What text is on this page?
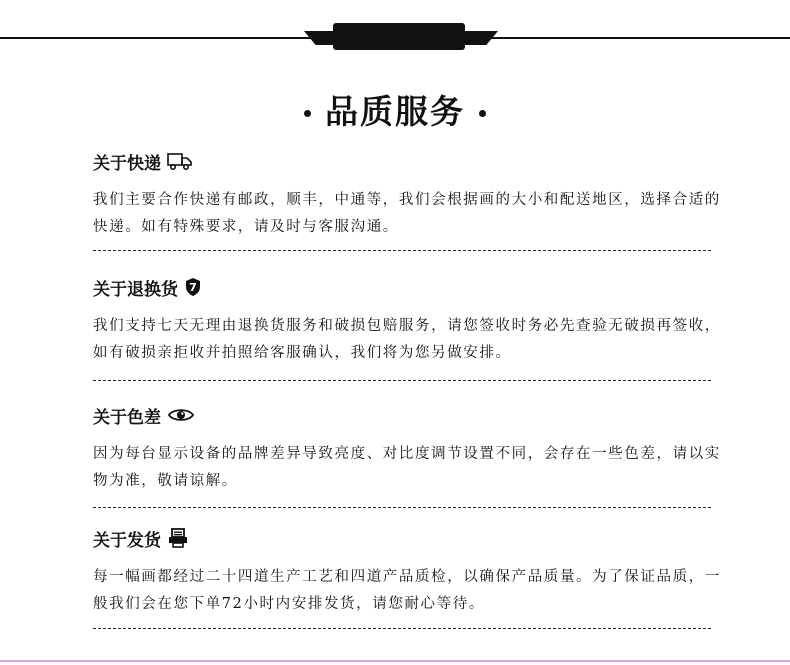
品质服务
关于快递
我们主要合作快递有邮政，顺丰，中通等，我们会根据画的大小和配送地区，选择合适的快递。如有特殊要求，请及时与客服沟通。
关于退换货 7
我们支持七天无理由退换货服务和破损包赔服务，请您签收时务必先查验无破损再签收，如有破损亲拒收并拍照给客服确认，我们将为您另做安排。
关于色差
因为每台显示设备的品牌差异导致亮度、对比度调节设置不同，会存在一些色差，请以实物为准，敬请谅解。
关于发货
每一幅画都经过二十四道生产工艺和四道产品质检，以确保产品质量。为了保证品质，一般我们会在您下单72小时内安排发货，请您耐心等待。
